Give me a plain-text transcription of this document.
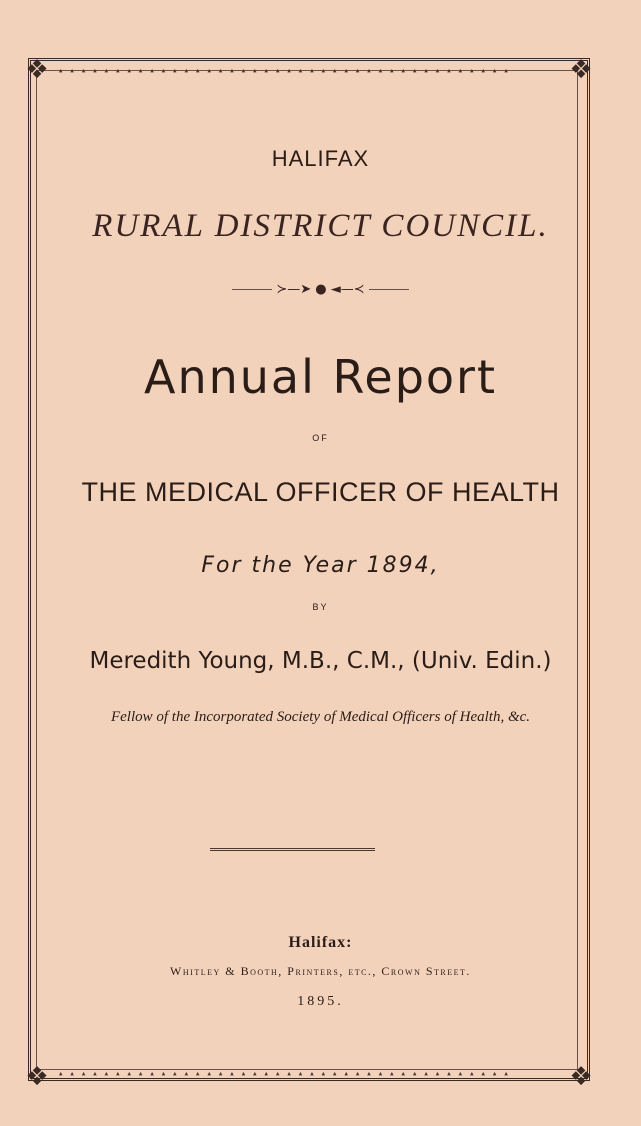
❖	❖
❖	❖
▴▴▴▴▴▴▴▴▴▴▴▴▴▴▴▴▴▴▴▴▴▴▴▴▴▴▴▴▴▴▴▴▴▴▴▴▴▴▴▴
▴▴▴▴▴▴▴▴▴▴▴▴▴▴▴▴▴▴▴▴▴▴▴▴▴▴▴▴▴▴▴▴▴▴▴▴▴▴▴▴
HALIFAX
RURAL DISTRICT COUNCIL.
≻—➤ ● ◄—≺
Annual Report
OF
THE MEDICAL OFFICER OF HEALTH
For the Year 1894,
BY
Meredith Young, M.B., C.M., (Univ. Edin.)
Fellow of the Incorporated Society of Medical Officers of Health, &c.
Halifax:
Whitley & Booth, Printers, etc., Crown Street.
1895.
